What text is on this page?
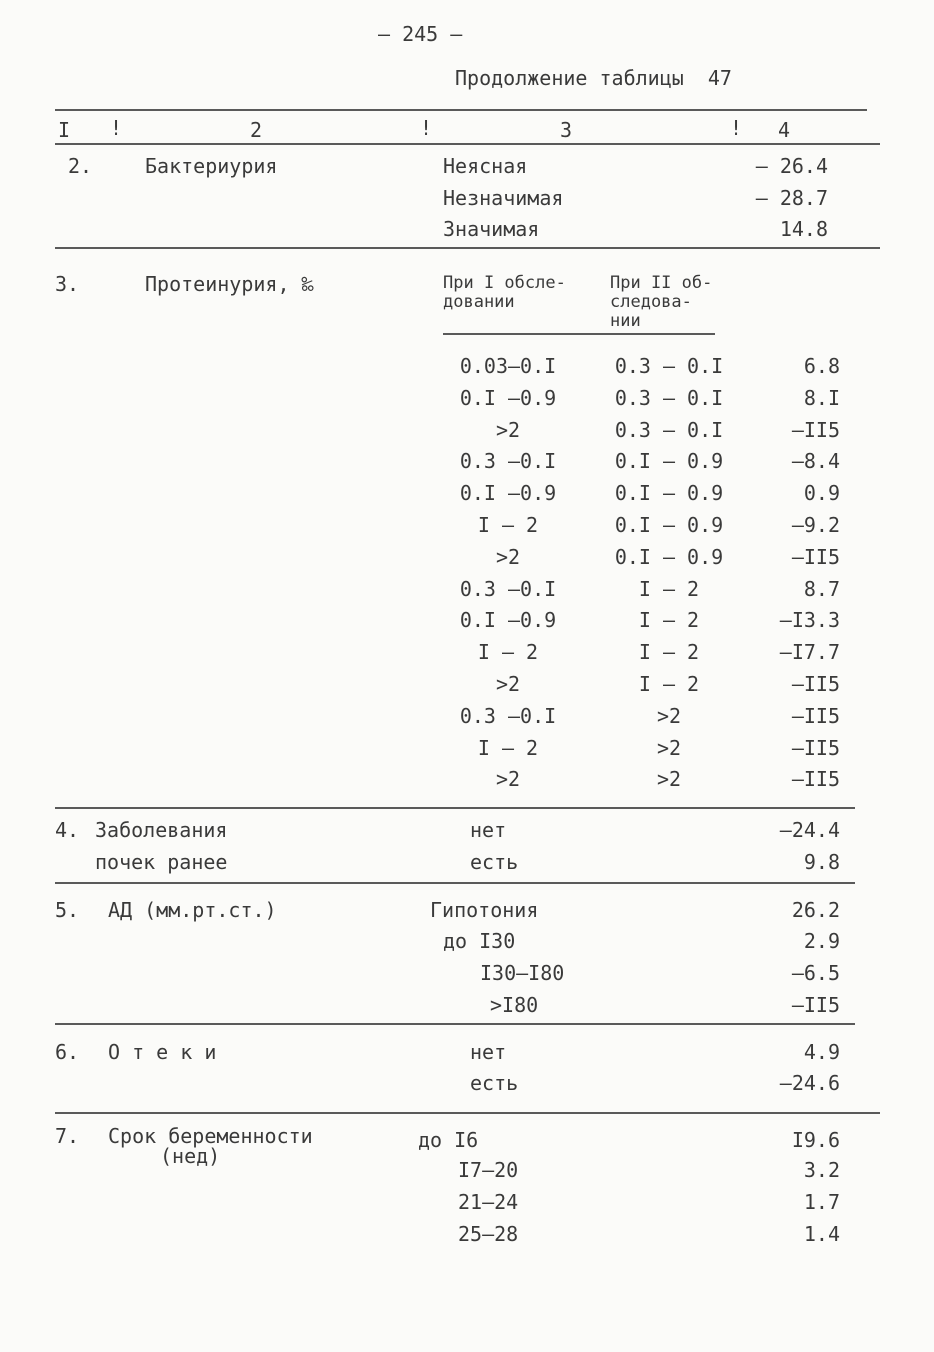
– 245 –
Продолжение таблицы  47
I !	2	!	3	! 4
2.	Бактериурия	Неясная	– 26.4
Незначимая	– 28.7
Значимая	14.8
3.	Протеинурия, ‰	При I обсле-
довании
При II об-
следова-
нии
0.03–0.I	0.3 – 0.I	6.8
0.I –0.9	0.3 – 0.I	8.I
>2	0.3 – 0.I	–II5
0.3 –0.I	0.I – 0.9	–8.4
0.I –0.9	0.I – 0.9	0.9
I – 2	0.I – 0.9	–9.2
>2	0.I – 0.9	–II5
0.3 –0.I	I – 2	8.7
0.I –0.9	I – 2	–I3.3
I – 2	I – 2	–I7.7
>2	I – 2	–II5
0.3 –0.I	>2	–II5
I – 2	>2	–II5
>2	>2	–II5
4. Заболевания
почек ранее
нет	–24.4
есть	9.8
5. АД (мм.рт.ст.)	Гипотония	26.2
до I30	2.9
I30–I80	–6.5
>I80	–II5
6. О т е к и	нет	4.9
есть	–24.6
7. Срок беременности
(нед)
до I6	I9.6
I7–20	3.2
21–24	1.7
25–28	1.4
